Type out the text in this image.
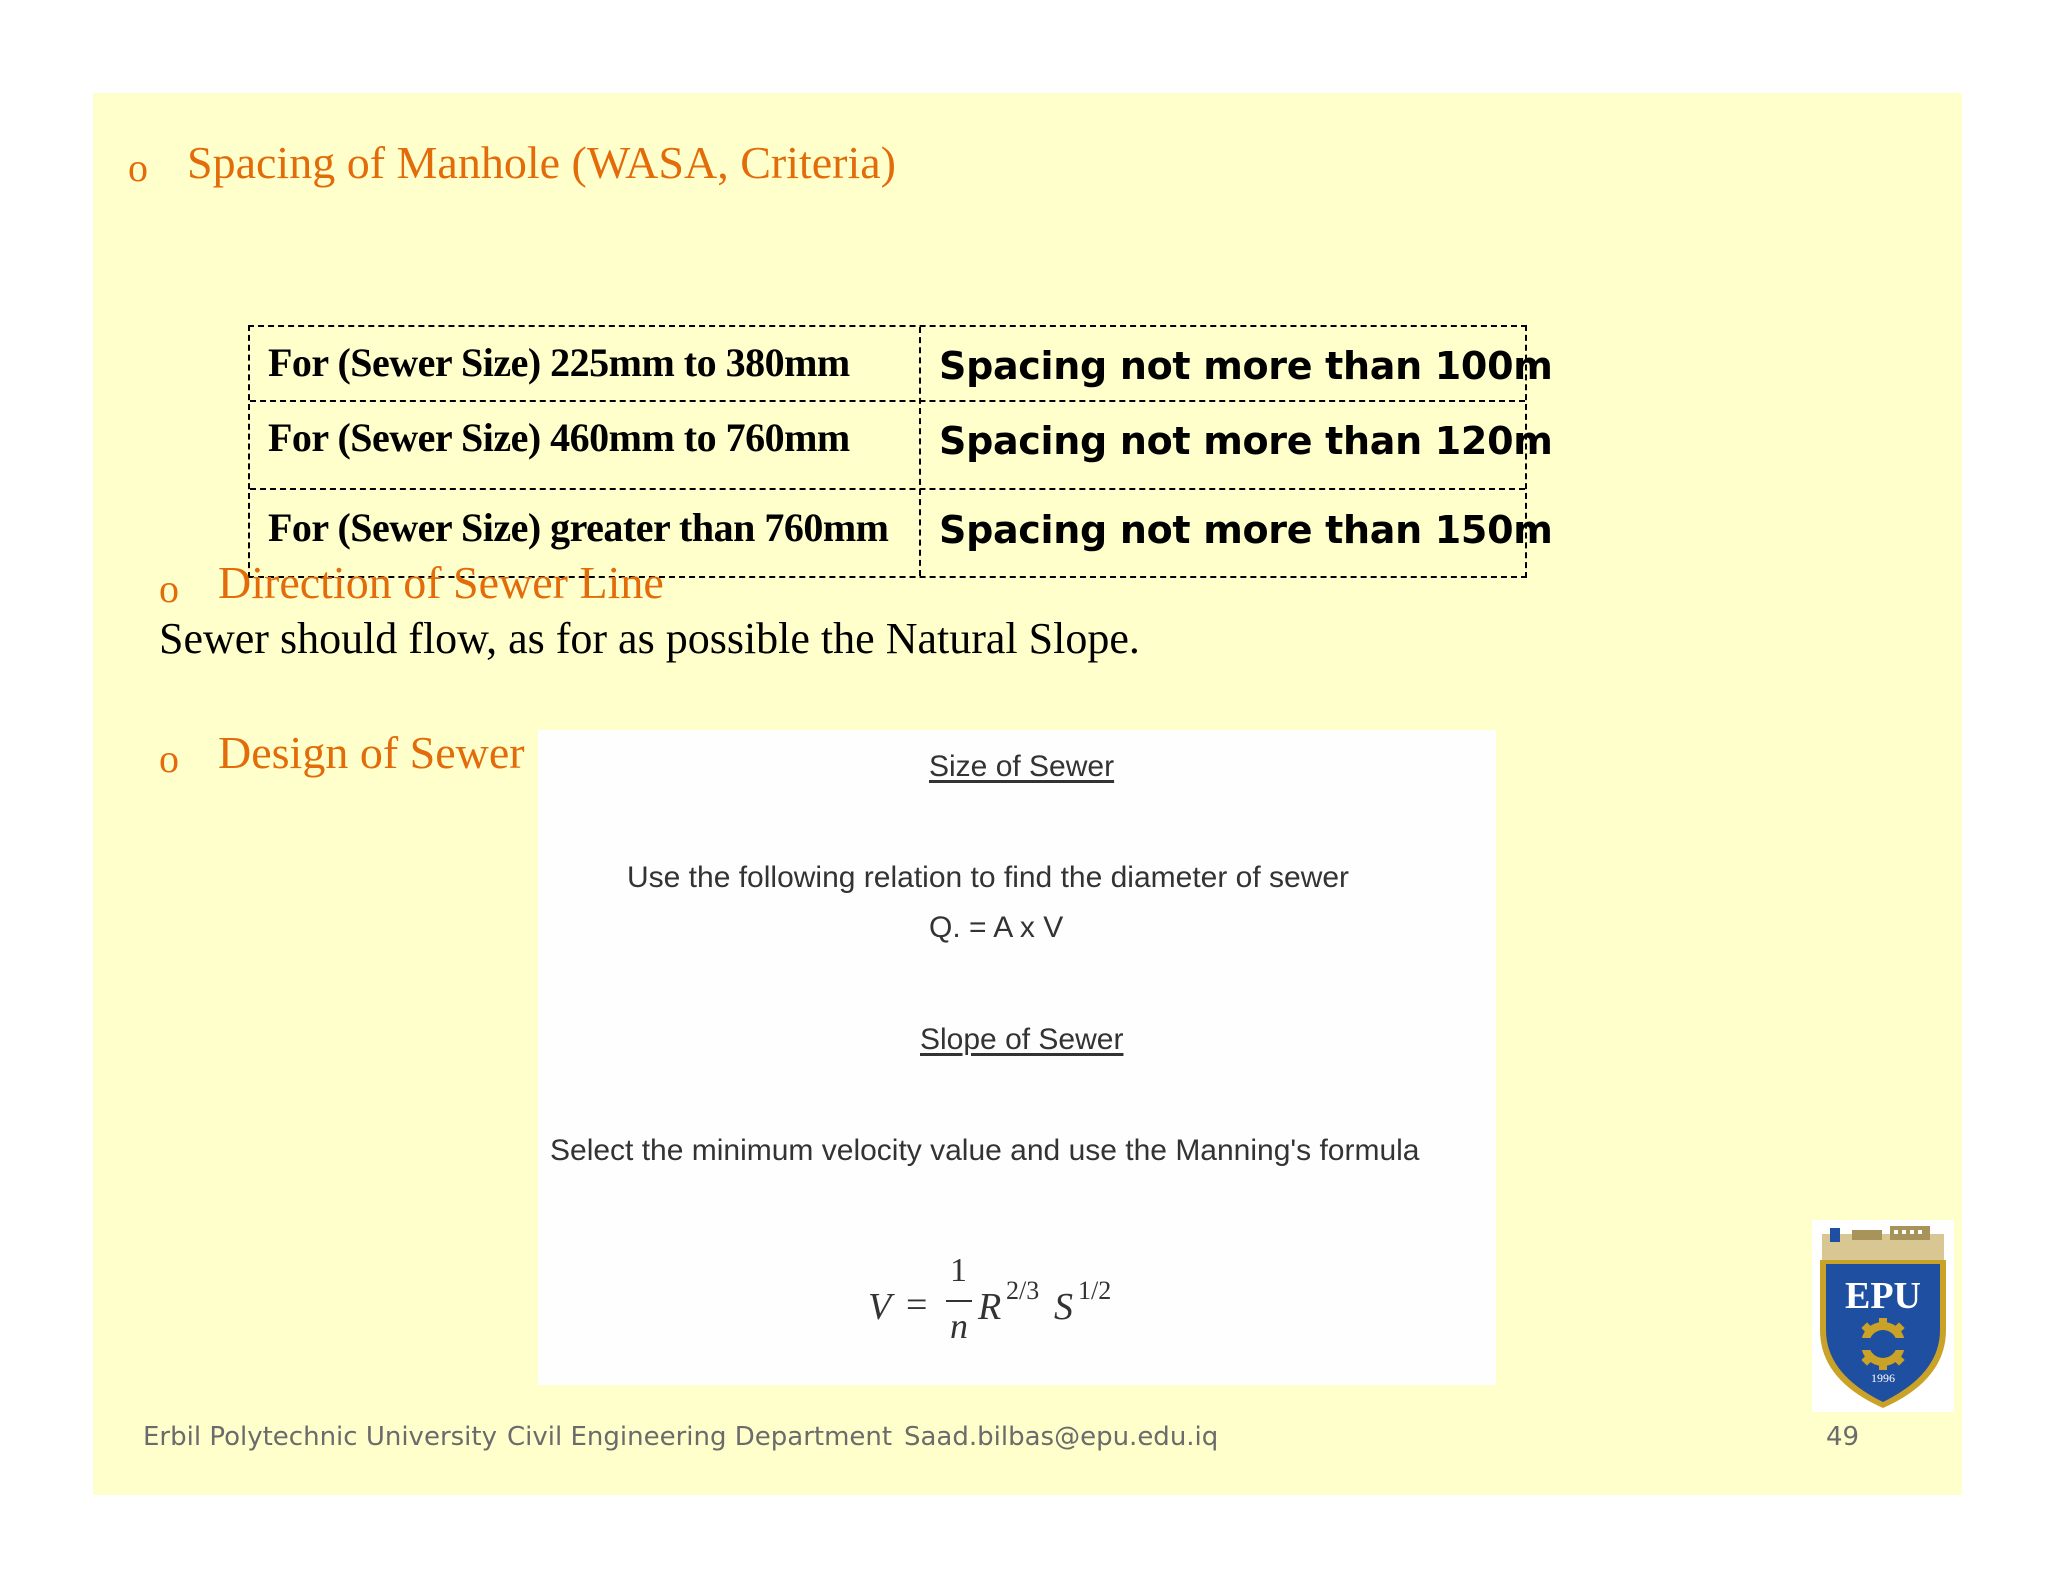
o Spacing of Manhole (WASA, Criteria)
For (Sewer Size) 225mm to 380mm Spacing not more than 100m
For (Sewer Size) 460mm to 760mm Spacing not more than 120m
For (Sewer Size) greater than 760mm Spacing not more than 150m
o Direction of Sewer Line
Sewer should flow, as for as possible the Natural Slope.
o Design of Sewer
Erbil Polytechnic University Civil Engineering Department Saad.bilbas@epu.edu.iq	49
Size of Sewer
Use the following relation to find the diameter of sewer
Q. = A x V
Slope of Sewer
Select the minimum velocity value and use the Manning's formula
V =
1
n R 2/3 S 1/2	EPU
1996
